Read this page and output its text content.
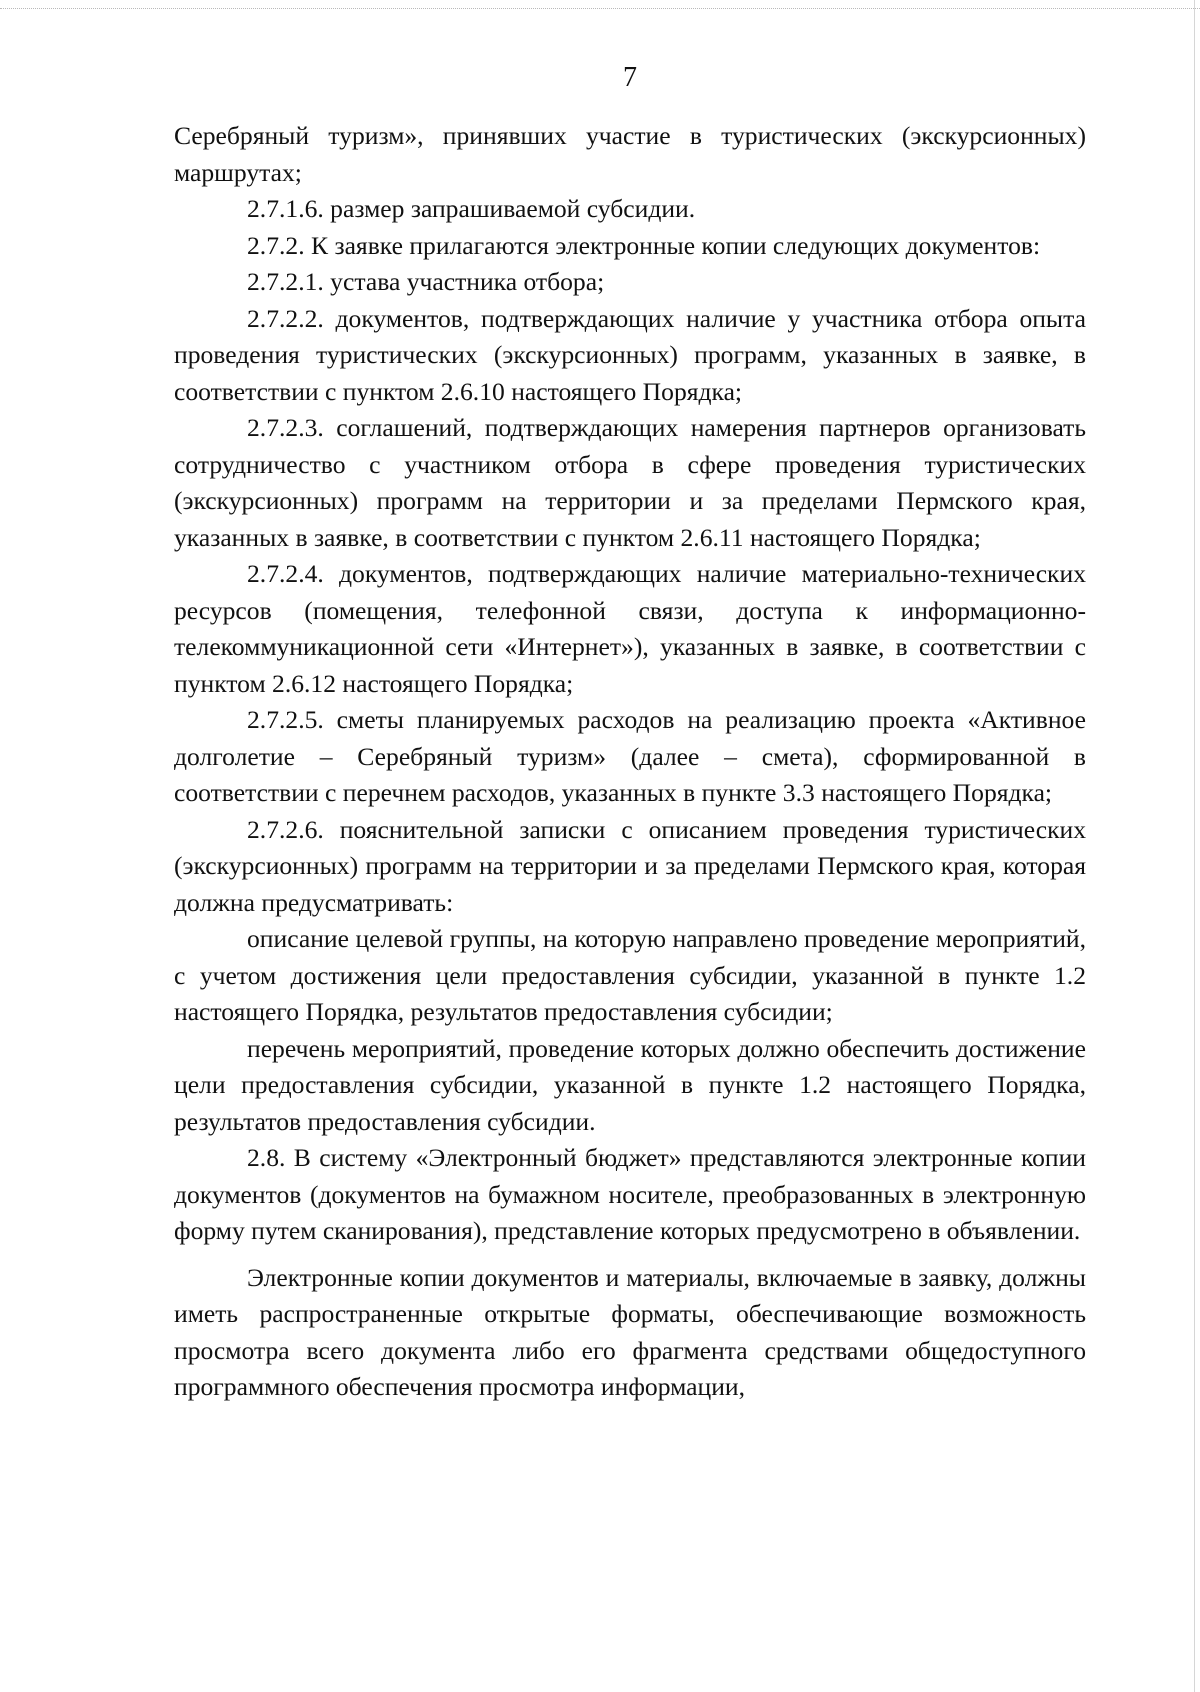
7

Серебряный туризм», принявших участие в туристических (экскурсионных) маршрутах;

2.7.1.6. размер запрашиваемой субсидии.

2.7.2. К заявке прилагаются электронные копии следующих документов:

2.7.2.1. устава участника отбора;

2.7.2.2. документов, подтверждающих наличие у участника отбора опыта проведения туристических (экскурсионных) программ, указанных в заявке, в соответствии с пунктом 2.6.10 настоящего Порядка;

2.7.2.3. соглашений, подтверждающих намерения партнеров организовать сотрудничество с участником отбора в сфере проведения туристических (экскурсионных) программ на территории и за пределами Пермского края, указанных в заявке, в соответствии с пунктом 2.6.11 настоящего Порядка;

2.7.2.4. документов, подтверждающих наличие материально-технических ресурсов (помещения, телефонной связи, доступа к информационно-телекоммуникационной сети «Интернет»), указанных в заявке, в соответствии с пунктом 2.6.12 настоящего Порядка;

2.7.2.5. сметы планируемых расходов на реализацию проекта «Активное долголетие – Серебряный туризм» (далее – смета), сформированной в соответствии с перечнем расходов, указанных в пункте 3.3 настоящего Порядка;

2.7.2.6. пояснительной записки с описанием проведения туристических (экскурсионных) программ на территории и за пределами Пермского края, которая должна предусматривать:

описание целевой группы, на которую направлено проведение мероприятий, с учетом достижения цели предоставления субсидии, указанной в пункте 1.2 настоящего Порядка, результатов предоставления субсидии;

перечень мероприятий, проведение которых должно обеспечить достижение цели предоставления субсидии, указанной в пункте 1.2 настоящего Порядка, результатов предоставления субсидии.

2.8. В систему «Электронный бюджет» представляются электронные копии документов (документов на бумажном носителе, преобразованных в электронную форму путем сканирования), представление которых предусмотрено в объявлении.

Электронные копии документов и материалы, включаемые в заявку, должны иметь распространенные открытые форматы, обеспечивающие возможность просмотра всего документа либо его фрагмента средствами общедоступного программного обеспечения просмотра информации,
